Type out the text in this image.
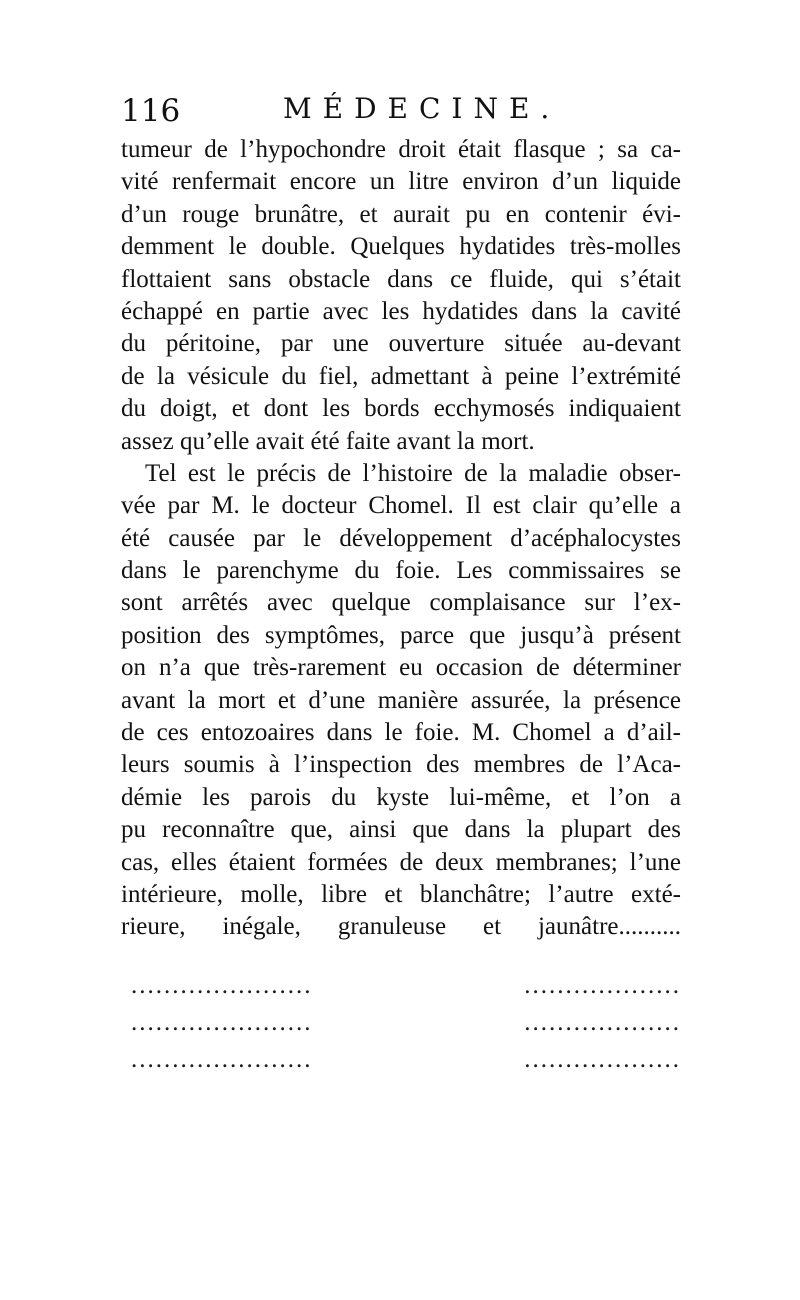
116	MÉDECINE.
tumeur de l’hypochondre droit était flasque ; sa ca-
vité renfermait encore un litre environ d’un liquide
d’un rouge brunâtre, et aurait pu en contenir évi-
demment le double. Quelques hydatides très-molles
flottaient sans obstacle dans ce fluide, qui s’était
échappé en partie avec les hydatides dans la cavité
du péritoine, par une ouverture située au-devant
de la vésicule du fiel, admettant à peine l’extrémité
du doigt, et dont les bords ecchymosés indiquaient
assez qu’elle avait été faite avant la mort.
Tel est le précis de l’histoire de la maladie obser-
vée par M. le docteur Chomel. Il est clair qu’elle a
été causée par le développement d’acéphalocystes
dans le parenchyme du foie. Les commissaires se
sont arrêtés avec quelque complaisance sur l’ex-
position des symptômes, parce que jusqu’à présent
on n’a que très-rarement eu occasion de déterminer
avant la mort et d’une manière assurée, la présence
de ces entozoaires dans le foie. M. Chomel a d’ail-
leurs soumis à l’inspection des membres de l’Aca-
démie les parois du kyste lui-même, et l’on a
pu reconnaître que, ainsi que dans la plupart des
cas, elles étaient formées de deux membranes; l’une
intérieure, molle, libre et blanchâtre; l’autre exté-
rieure, inégale, granuleuse et jaunâtre..........
...................... ...................
...................... ...................
...................... ...................
